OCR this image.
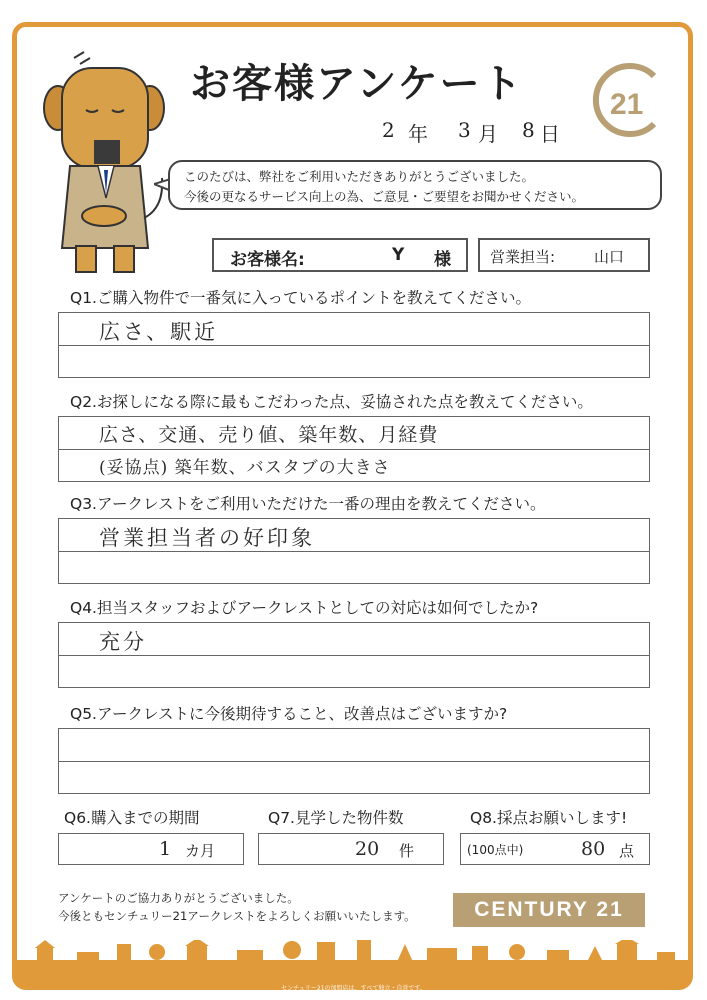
お客様アンケート	21
2 年 3 月 8 日
このたびは、弊社をご利用いただきありがとうございました。
今後の更なるサービス向上の為、ご意見・ご要望をお聞かせください。
お客様名:	Y 様	営業担当:	山口
Q1.ご購入物件で一番気に入っているポイントを教えてください。
広さ、駅近
Q2.お探しになる際に最もこだわった点、妥協された点を教えてください。
広さ、交通、売り値、築年数、月経費
(妥協点) 築年数、バスタブの大きさ
Q3.アークレストをご利用いただけた一番の理由を教えてください。
営業担当者の好印象
Q4.担当スタッフおよびアークレストとしての対応は如何でしたか?
充分
Q5.アークレストに今後期待すること、改善点はございますか?
Q6.購入までの期間
1 カ月
Q7.見学した物件数
20 件
Q8.採点お願いします!
(100点中)	80 点
アンケートのご協力ありがとうございました。
今後ともセンチュリー21アークレストをよろしくお願いいたします。	CENTURY 21
センチュリー21の加盟店は、すべて独立・自営です。
